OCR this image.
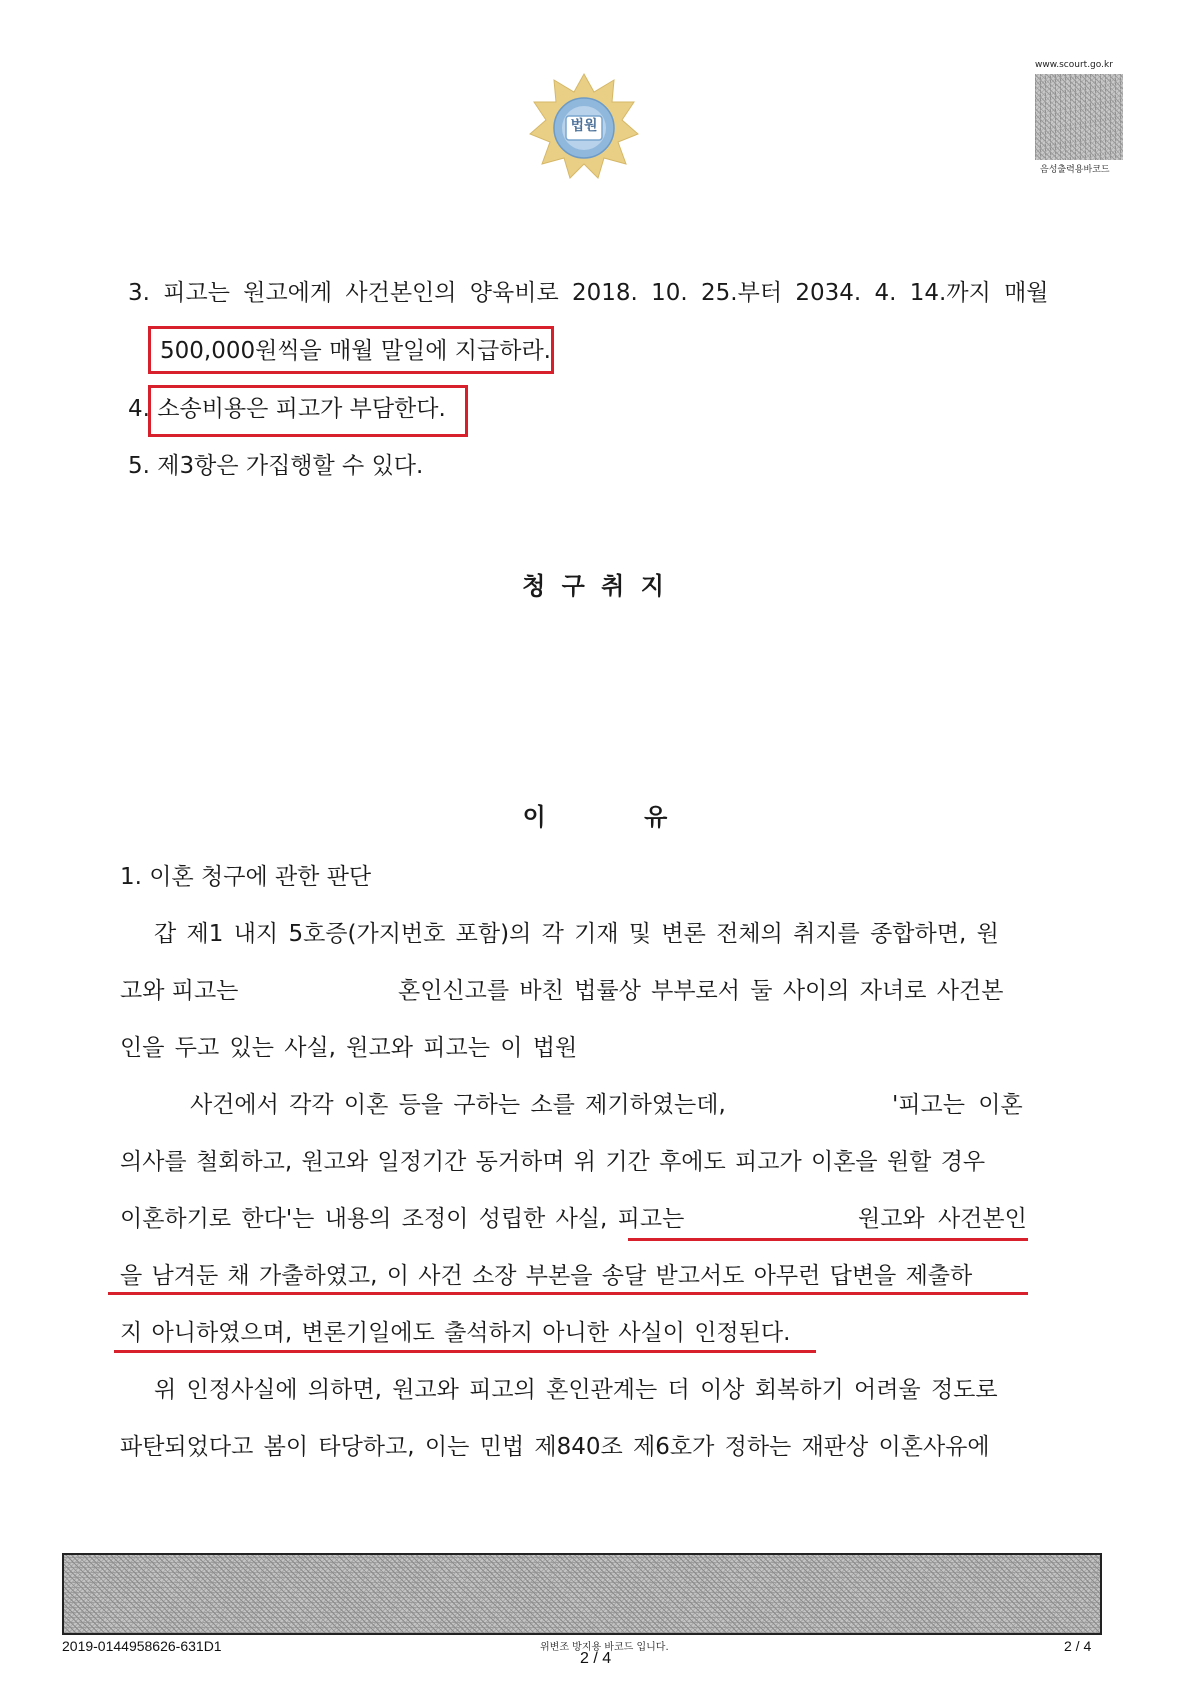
법원
www.scourt.go.kr
음성출력용바코드
3. 피고는 원고에게 사건본인의 양육비로 2018. 10. 25.부터 2034. 4. 14.까지 매월
500,000원씩을 매월 말일에 지급하라.
4. 소송비용은 피고가 부담한다.
5. 제3항은 가집행할 수 있다.
청 구 취 지
이 유
1. 이혼 청구에 관한 판단
갑 제1 내지 5호증(가지번호 포함)의 각 기재 및 변론 전체의 취지를 종합하면, 원
고와 피고는	혼인신고를 바친 법률상 부부로서 둘 사이의 자녀로 사건본
인을 두고 있는 사실, 원고와 피고는 이 법원
사건에서 각각 이혼 등을 구하는 소를 제기하였는데,	'피고는 이혼
의사를 철회하고, 원고와 일정기간 동거하며 위 기간 후에도 피고가 이혼을 원할 경우
이혼하기로 한다'는 내용의 조정이 성립한 사실, 피고는	원고와 사건본인
을 남겨둔 채 가출하였고, 이 사건 소장 부본을 송달 받고서도 아무런 답변을 제출하
지 아니하였으며, 변론기일에도 출석하지 아니한 사실이 인정된다.
위 인정사실에 의하면, 원고와 피고의 혼인관계는 더 이상 회복하기 어려울 정도로
파탄되었다고 봄이 타당하고, 이는 민법 제840조 제6호가 정하는 재판상 이혼사유에
2019-0144958626-631D1	위변조 방지용 바코드 입니다.
2 / 4
2 / 4
